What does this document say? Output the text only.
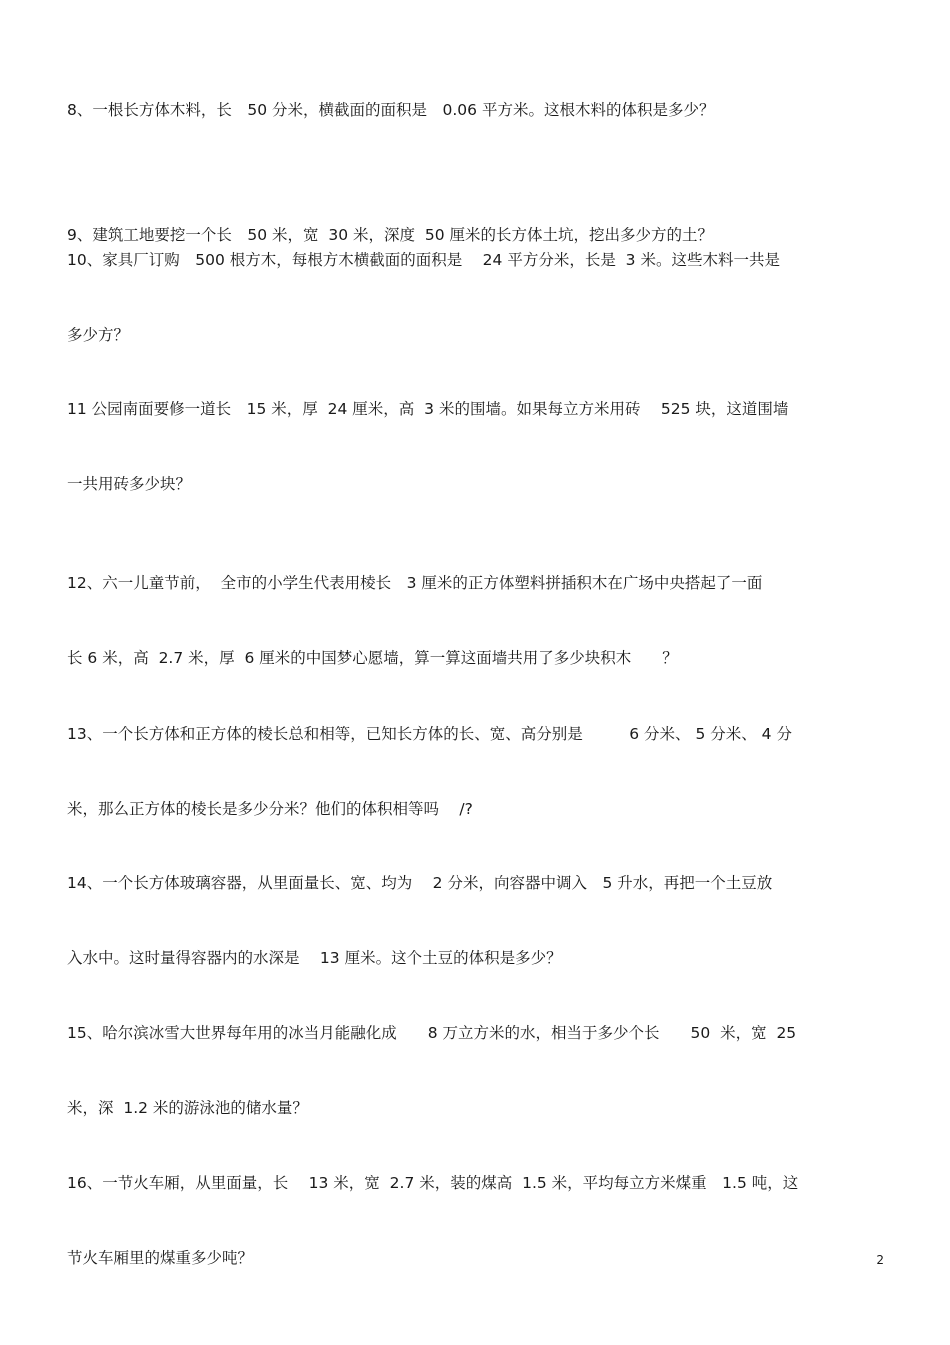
8、一根长方体木料，长　50 分米，横截面的面积是　0.06 平方米。这根木料的体积是多少？

9、建筑工地要挖一个长　50 米，宽  30 米，深度  50 厘米的长方体土坑，挖出多少方的土？

10、家具厂订购　500 根方木，每根方木横截面的面积是　 24 平方分米，长是  3 米。这些木料一共是

多少方？

11 公园南面要修一道长　15 米，厚  24 厘米，高  3 米的围墙。如果每立方米用砖　 525 块，这道围墙

一共用砖多少块？

12、六一儿童节前，  全市的小学生代表用棱长　3 厘米的正方体塑料拼插积木在广场中央搭起了一面

长 6 米，高  2.7 米，厚  6 厘米的中国梦心愿墙，算一算这面墙共用了多少块积木　　？

13、一个长方体和正方体的棱长总和相等，已知长方体的长、宽、高分别是　　　6 分米、 5 分米、 4 分

米，那么正方体的棱长是多少分米？他们的体积相等吗　 /?

14、一个长方体玻璃容器，从里面量长、宽、均为　 2 分米，向容器中调入　5 升水，再把一个土豆放

入水中。这时量得容器内的水深是　 13 厘米。这个土豆的体积是多少？

15、哈尔滨冰雪大世界每年用的冰当月能融化成　　8 万立方米的水，相当于多少个长　　50  米，宽  25

米，深  1.2 米的游泳池的储水量？

16、一节火车厢，从里面量，长　 13 米，宽  2.7 米，装的煤高  1.5 米，平均每立方米煤重　1.5 吨，这

节火车厢里的煤重多少吨？

	2
